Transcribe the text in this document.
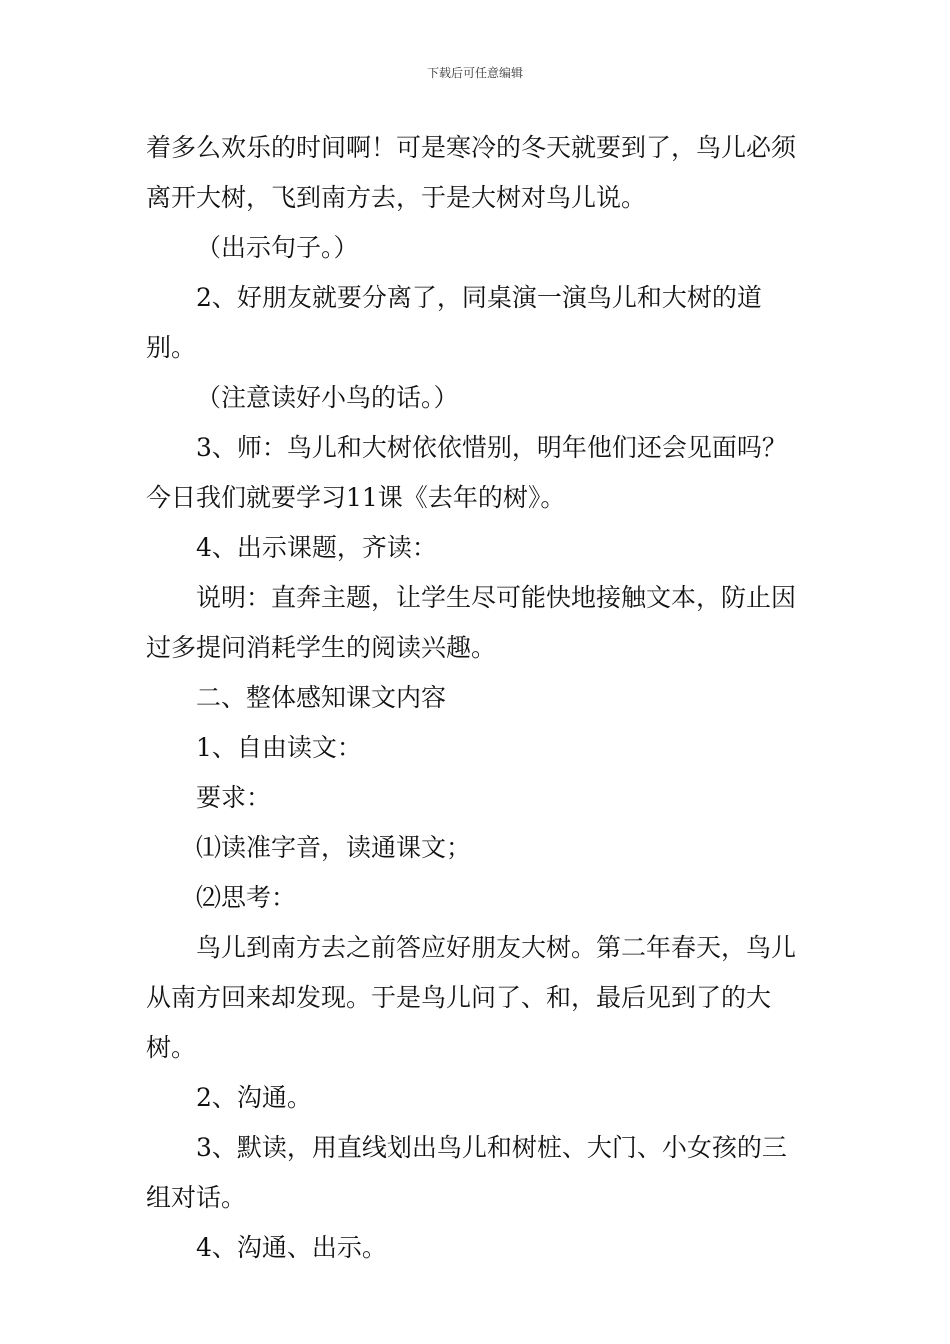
下载后可任意编辑

着多么欢乐的时间啊！可是寒冷的冬天就要到了，鸟儿必须离开大树，飞到南方去，于是大树对鸟儿说。

（出示句子。）

2、好朋友就要分离了，同桌演一演鸟儿和大树的道别。

（注意读好小鸟的话。）

3、师：鸟儿和大树依依惜别，明年他们还会见面吗？今日我们就要学习11课《去年的树》。

4、出示课题，齐读：

说明：直奔主题，让学生尽可能快地接触文本，防止因过多提问消耗学生的阅读兴趣。

二、整体感知课文内容

1、自由读文：

要求：

⑴读准字音，读通课文；

⑵思考：

鸟儿到南方去之前答应好朋友大树。第二年春天，鸟儿从南方回来却发现。于是鸟儿问了、和，最后见到了的大树。

2、沟通。

3、默读，用直线划出鸟儿和树桩、大门、小女孩的三组对话。

4、沟通、出示。
